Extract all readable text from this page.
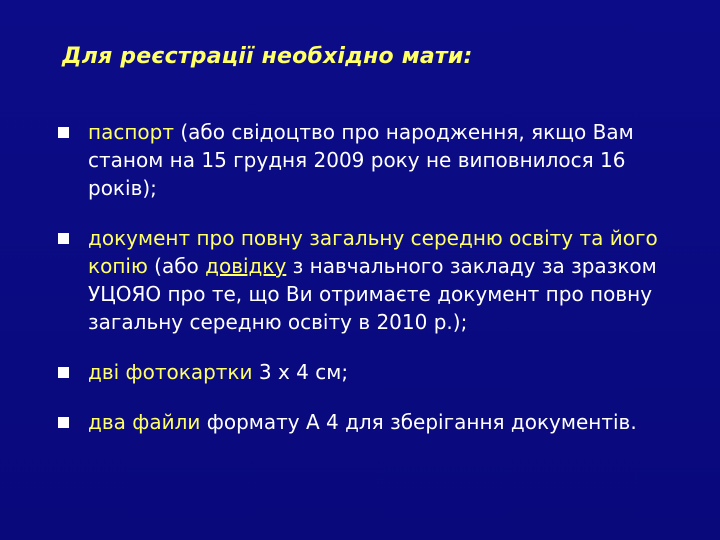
Для реєстрації необхідно мати:
паспорт (або свідоцтво про народження, якщо Вам станом на 15 грудня 2009 року не виповнилося 16 років);
документ про повну загальну середню освіту та його копію (або довідку з навчального закладу за зразком УЦОЯО про те, що Ви отримаєте документ про повну загальну середню освіту в 2010 р.);
дві фотокартки 3 х 4 см;
два файли формату А 4 для зберігання документів.
